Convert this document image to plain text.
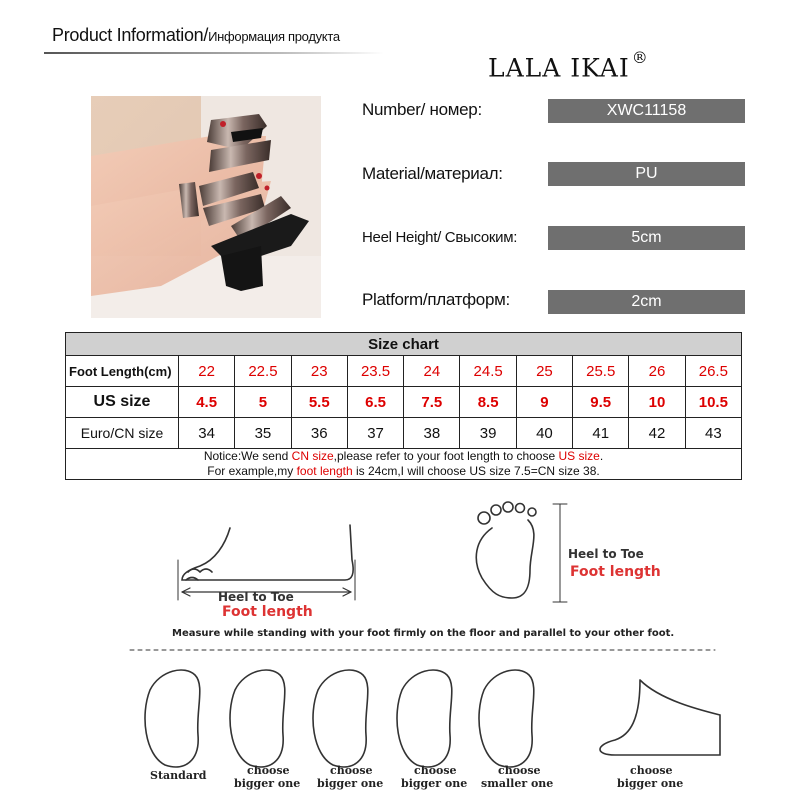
Product Information/Информация продукта
LALA IKAI ®
Number/ номер:	XWC11158
Material/материал:	PU
Heel Height/ Свысоким:	5cm
Platform/платформ:	2cm
Size chart										
Foot Length(cm)	22	22.5	23	23.5	24	24.5	25	25.5	26	26.5
US size	4.5	5	5.5	6.5	7.5	8.5	9	9.5	10	10.5
Euro/CN size	34	35	36	37	38	39	40	41	42	43

Notice:We send CN size,please refer to your foot length to choose US size.
For example,my foot length is 24cm,I will choose US size 7.5=CN size 38.										
Heel to Toe
Foot length
Heel to Toe
Foot length
Measure while standing with your foot firmly on the floor and parallel to your other foot.
Standard	choose
bigger one
choose
bigger one
choose
bigger one
choose
smaller one
choose
bigger one
